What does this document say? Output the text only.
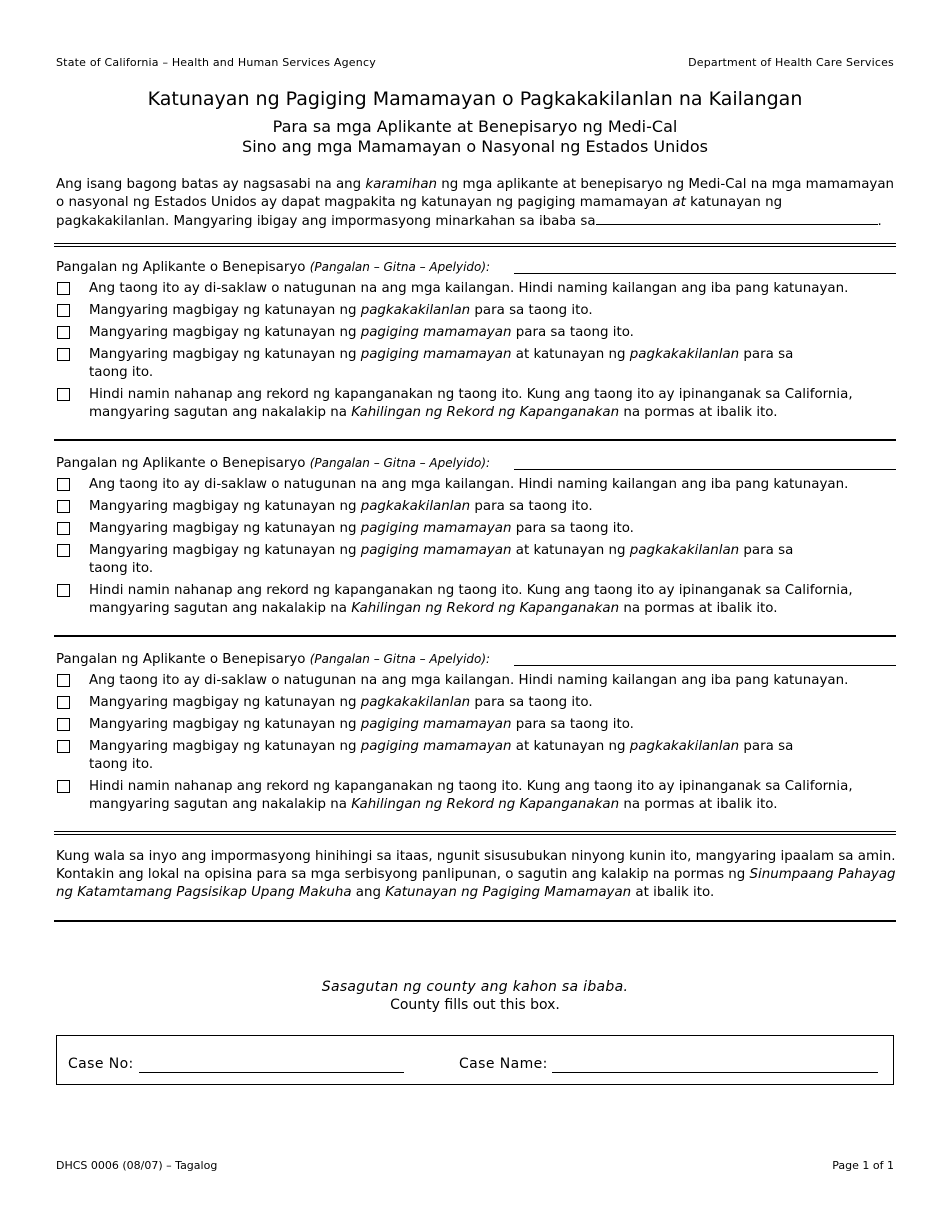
State of California – Health and Human Services Agency	Department of Health Care Services
Katunayan ng Pagiging Mamamayan o Pagkakakilanlan na Kailangan
Para sa mga Aplikante at Benepisaryo ng Medi-Cal
Sino ang mga Mamamayan o Nasyonal ng Estados Unidos
Ang isang bagong batas ay nagsasabi na ang karamihan ng mga aplikante at benepisaryo ng Medi-Cal na mga mamamayan o nasyonal ng Estados Unidos ay dapat magpakita ng katunayan ng pagiging mamamayan at katunayan ng pagkakakilanlan. Mangyaring ibigay ang impormasyong minarkahan sa ibaba sa	.
Pangalan ng Aplikante o Benepisaryo (Pangalan – Gitna – Apelyido):
Ang taong ito ay di-saklaw o natugunan na ang mga kailangan. Hindi naming kailangan ang iba pang katunayan.
Mangyaring magbigay ng katunayan ng pagkakakilanlan para sa taong ito.
Mangyaring magbigay ng katunayan ng pagiging mamamayan para sa taong ito.
Mangyaring magbigay ng katunayan ng pagiging mamamayan at katunayan ng pagkakakilanlan para sa taong ito.
Hindi namin nahanap ang rekord ng kapanganakan ng taong ito. Kung ang taong ito ay ipinanganak sa California, mangyaring sagutan ang nakalakip na Kahilingan ng Rekord ng Kapanganakan na pormas at ibalik ito.
Pangalan ng Aplikante o Benepisaryo (Pangalan – Gitna – Apelyido):
Ang taong ito ay di-saklaw o natugunan na ang mga kailangan. Hindi naming kailangan ang iba pang katunayan.
Mangyaring magbigay ng katunayan ng pagkakakilanlan para sa taong ito.
Mangyaring magbigay ng katunayan ng pagiging mamamayan para sa taong ito.
Mangyaring magbigay ng katunayan ng pagiging mamamayan at katunayan ng pagkakakilanlan para sa taong ito.
Hindi namin nahanap ang rekord ng kapanganakan ng taong ito. Kung ang taong ito ay ipinanganak sa California, mangyaring sagutan ang nakalakip na Kahilingan ng Rekord ng Kapanganakan na pormas at ibalik ito.
Pangalan ng Aplikante o Benepisaryo (Pangalan – Gitna – Apelyido):
Ang taong ito ay di-saklaw o natugunan na ang mga kailangan. Hindi naming kailangan ang iba pang katunayan.
Mangyaring magbigay ng katunayan ng pagkakakilanlan para sa taong ito.
Mangyaring magbigay ng katunayan ng pagiging mamamayan para sa taong ito.
Mangyaring magbigay ng katunayan ng pagiging mamamayan at katunayan ng pagkakakilanlan para sa taong ito.
Hindi namin nahanap ang rekord ng kapanganakan ng taong ito. Kung ang taong ito ay ipinanganak sa California, mangyaring sagutan ang nakalakip na Kahilingan ng Rekord ng Kapanganakan na pormas at ibalik ito.
Kung wala sa inyo ang impormasyong hinihingi sa itaas, ngunit sisusubukan ninyong kunin ito, mangyaring ipaalam sa amin. Kontakin ang lokal na opisina para sa mga serbisyong panlipunan, o sagutin ang kalakip na pormas ng Sinumpaang Pahayag ng Katamtamang Pagsisikap Upang Makuha ang Katunayan ng Pagiging Mamamayan at ibalik ito.
Sasagutan ng county ang kahon sa ibaba.
County fills out this box.
Case No:	Case Name:
DHCS 0006 (08/07) – Tagalog	Page 1 of 1
